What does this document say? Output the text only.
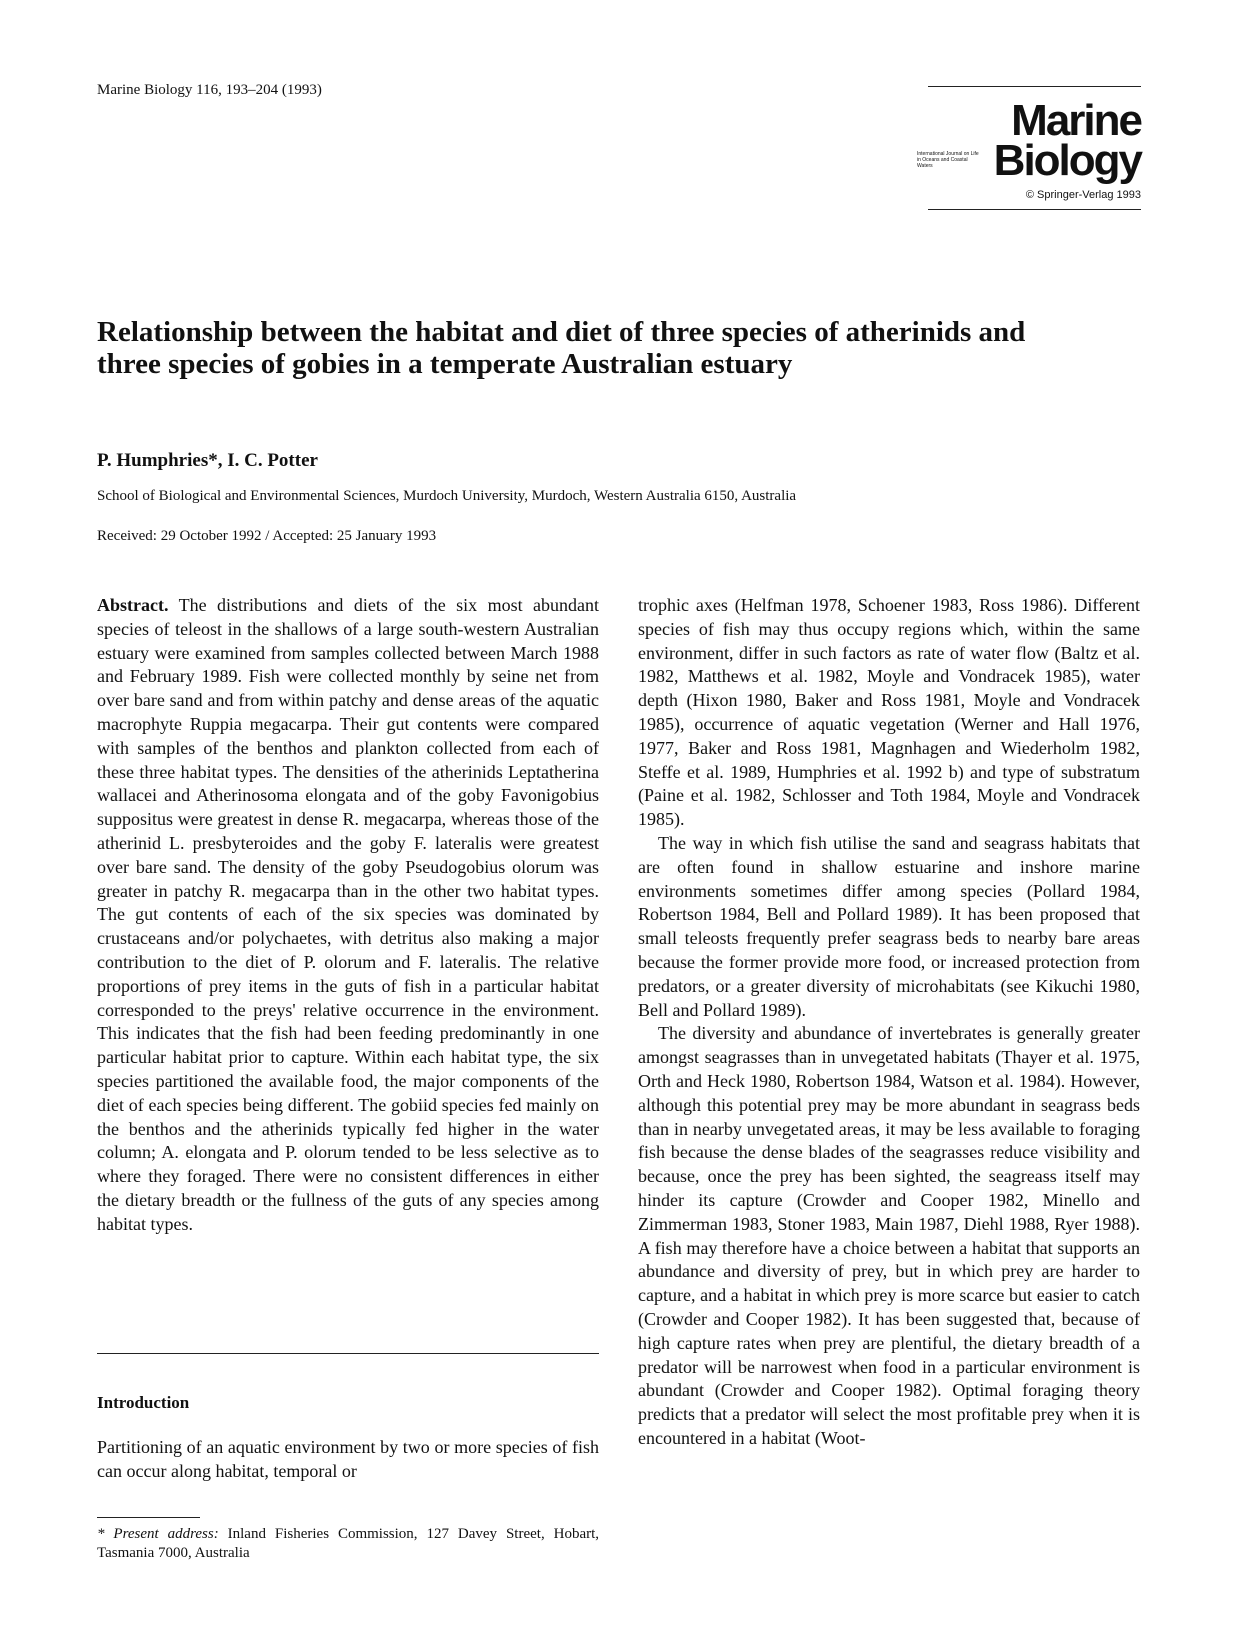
Marine Biology 116, 193–204 (1993)
Marine
International Journal on Life in Oceans and Coastal Waters	Biology
© Springer-Verlag 1993
Relationship between the habitat and diet of three species of atherinids and three species of gobies in a temperate Australian estuary
P. Humphries*, I. C. Potter
School of Biological and Environmental Sciences, Murdoch University, Murdoch, Western Australia 6150, Australia
Received: 29 October 1992 / Accepted: 25 January 1993

Abstract. The distributions and diets of the six most abundant species of teleost in the shallows of a large south-western Australian estuary were examined from samples collected between March 1988 and February 1989. Fish were collected monthly by seine net from over bare sand and from within patchy and dense areas of the aquatic macrophyte Ruppia megacarpa. Their gut contents were compared with samples of the benthos and plankton collected from each of these three habitat types. The densities of the atherinids Leptatherina wallacei and Atherinosoma elongata and of the goby Favonigobius suppositus were greatest in dense R. megacarpa, whereas those of the atherinid L. presbyteroides and the goby F. lateralis were greatest over bare sand. The density of the goby Pseudogobius olorum was greater in patchy R. megacarpa than in the other two habitat types. The gut contents of each of the six species was dominated by crustaceans and/or polychaetes, with detritus also making a major contribution to the diet of P. olorum and F. lateralis. The relative proportions of prey items in the guts of fish in a particular habitat corresponded to the preys' relative occurrence in the environment. This indicates that the fish had been feeding predominantly in one particular habitat prior to capture. Within each habitat type, the six species partitioned the available food, the major components of the diet of each species being different. The gobiid species fed mainly on the benthos and the atherinids typically fed higher in the water column; A. elongata and P. olorum tended to be less selective as to where they foraged. There were no consistent differences in either the dietary breadth or the fullness of the guts of any species among habitat types.

Introduction
Partitioning of an aquatic environment by two or more species of fish can occur along habitat, temporal or
* Present address: Inland Fisheries Commission, 127 Davey Street, Hobart, Tasmania 7000, Australia

trophic axes (Helfman 1978, Schoener 1983, Ross 1986). Different species of fish may thus occupy regions which, within the same environment, differ in such factors as rate of water flow (Baltz et al. 1982, Matthews et al. 1982, Moyle and Vondracek 1985), water depth (Hixon 1980, Baker and Ross 1981, Moyle and Vondracek 1985), occurrence of aquatic vegetation (Werner and Hall 1976, 1977, Baker and Ross 1981, Magnhagen and Wiederholm 1982, Steffe et al. 1989, Humphries et al. 1992 b) and type of substratum (Paine et al. 1982, Schlosser and Toth 1984, Moyle and Vondracek 1985).

The way in which fish utilise the sand and seagrass habitats that are often found in shallow estuarine and inshore marine environments sometimes differ among species (Pollard 1984, Robertson 1984, Bell and Pollard 1989). It has been proposed that small teleosts frequently prefer seagrass beds to nearby bare areas because the former provide more food, or increased protection from predators, or a greater diversity of microhabitats (see Kikuchi 1980, Bell and Pollard 1989).

The diversity and abundance of invertebrates is generally greater amongst seagrasses than in unvegetated habitats (Thayer et al. 1975, Orth and Heck 1980, Robertson 1984, Watson et al. 1984). However, although this potential prey may be more abundant in seagrass beds than in nearby unvegetated areas, it may be less available to foraging fish because the dense blades of the seagrasses reduce visibility and because, once the prey has been sighted, the seagreass itself may hinder its capture (Crowder and Cooper 1982, Minello and Zimmerman 1983, Stoner 1983, Main 1987, Diehl 1988, Ryer 1988). A fish may therefore have a choice between a habitat that supports an abundance and diversity of prey, but in which prey are harder to capture, and a habitat in which prey is more scarce but easier to catch (Crowder and Cooper 1982). It has been suggested that, because of high capture rates when prey are plentiful, the dietary breadth of a predator will be narrowest when food in a particular environment is abundant (Crowder and Cooper 1982). Optimal foraging theory predicts that a predator will select the most profitable prey when it is encountered in a habitat (Woot-
